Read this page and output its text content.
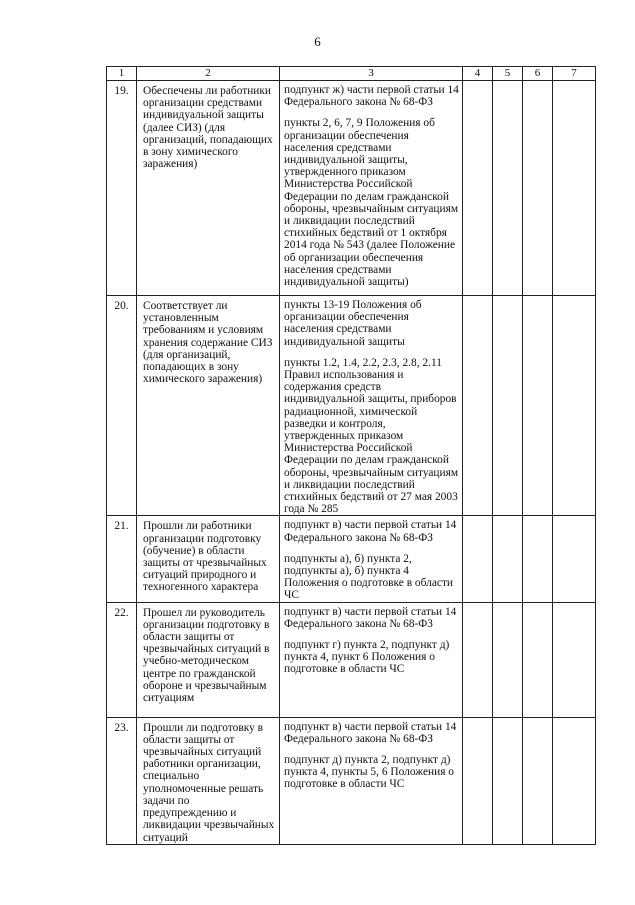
6
1	2	3	4	5	6	7
19.	Обеспечены ли работники организации средствами индивидуальной защиты (далее СИЗ) (для организаций, попадающих в зону химического заражения)	подпункт ж) части первой статьи 14 Федерального закона № 68-ФЗ
пункты 2, 6, 7, 9 Положения об организации обеспечения населения средствами индивидуальной защиты, утвержденного приказом Министерства Российской Федерации по делам гражданской обороны, чрезвычайным ситуациям и ликвидации последствий стихийных бедствий от 1 октября 2014 года № 543 (далее Положение об организации обеспечения населения средствами индивидуальной защиты)				

20.	Соответствует ли установленным требованиям и условиям хранения содержание СИЗ (для организаций, попадающих в зону химического заражения)	пункты 13-19 Положения об организации обеспечения населения средствами индивидуальной защиты
пункты 1.2, 1.4, 2.2, 2.3, 2.8, 2.11 Правил использования и содержания средств индивидуальной защиты, приборов радиационной, химической разведки и контроля, утвержденных приказом Министерства Российской Федерации по делам гражданской обороны, чрезвычайным ситуациям и ликвидации последствий стихийных бедствий от 27 мая 2003 года № 285				

21.	Прошли ли работники организации подготовку (обучение) в области защиты от чрезвычайных ситуаций природного и техногенного характера	подпункт в) части первой статьи 14 Федерального закона № 68-ФЗ
подпункты а), б) пункта 2, подпункты а), б) пункта 4 Положения о подготовке в области ЧС				

22.	Прошел ли руководитель организации подготовку в области защиты от чрезвычайных ситуаций в учебно-методическом центре по гражданской обороне и чрезвычайным ситуациям	подпункт в) части первой статьи 14 Федерального закона № 68-ФЗ
подпункт г) пункта 2, подпункт д) пункта 4, пункт 6 Положения о подготовке в области ЧС				

23.	Прошли ли подготовку в области защиты от чрезвычайных ситуаций работники организации, специально уполномоченные решать задачи по предупреждению и ликвидации чрезвычайных ситуаций	подпункт в) части первой статьи 14 Федерального закона № 68-ФЗ
подпункт д) пункта 2, подпункт д) пункта 4, пункты 5, 6 Положения о подготовке в области ЧС				
